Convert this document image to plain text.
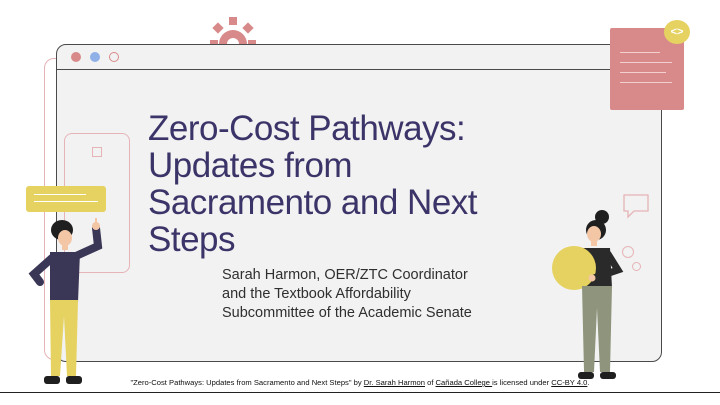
<>
Zero-Cost Pathways:
Updates from
Sacramento and Next
Steps
Sarah Harmon, OER/ZTC Coordinator
and the Textbook Affordability
Subcommittee of the Academic Senate
"Zero-Cost Pathways: Updates from Sacramento and Next Steps" by Dr. Sarah Harmon of Cañada College is licensed under CC-BY 4.0.
